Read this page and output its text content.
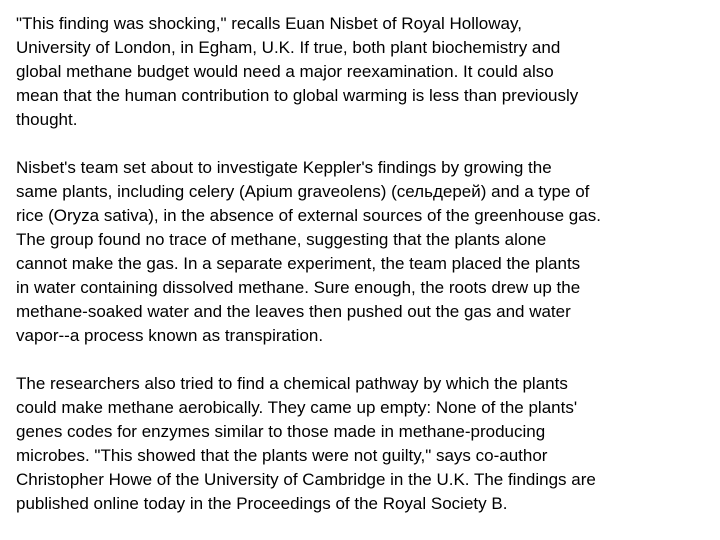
"This finding was shocking," recalls Euan Nisbet of Royal Holloway,
University of London, in Egham, U.K. If true, both plant biochemistry and
global methane budget would need a major reexamination. It could also
mean that the human contribution to global warming is less than previously
thought.
Nisbet's team set about to investigate Keppler's findings by growing the
same plants, including celery (Apium graveolens) (сельдерей) and a type of
rice (Oryza sativa), in the absence of external sources of the greenhouse gas.
The group found no trace of methane, suggesting that the plants alone
cannot make the gas. In a separate experiment, the team placed the plants
in water containing dissolved methane. Sure enough, the roots drew up the
methane-soaked water and the leaves then pushed out the gas and water
vapor--a process known as transpiration.
The researchers also tried to find a chemical pathway by which the plants
could make methane aerobically. They came up empty: None of the plants'
genes codes for enzymes similar to those made in methane-producing
microbes. "This showed that the plants were not guilty," says co-author
Christopher Howe of the University of Cambridge in the U.K. The findings are
published online today in the Proceedings of the Royal Society B.
